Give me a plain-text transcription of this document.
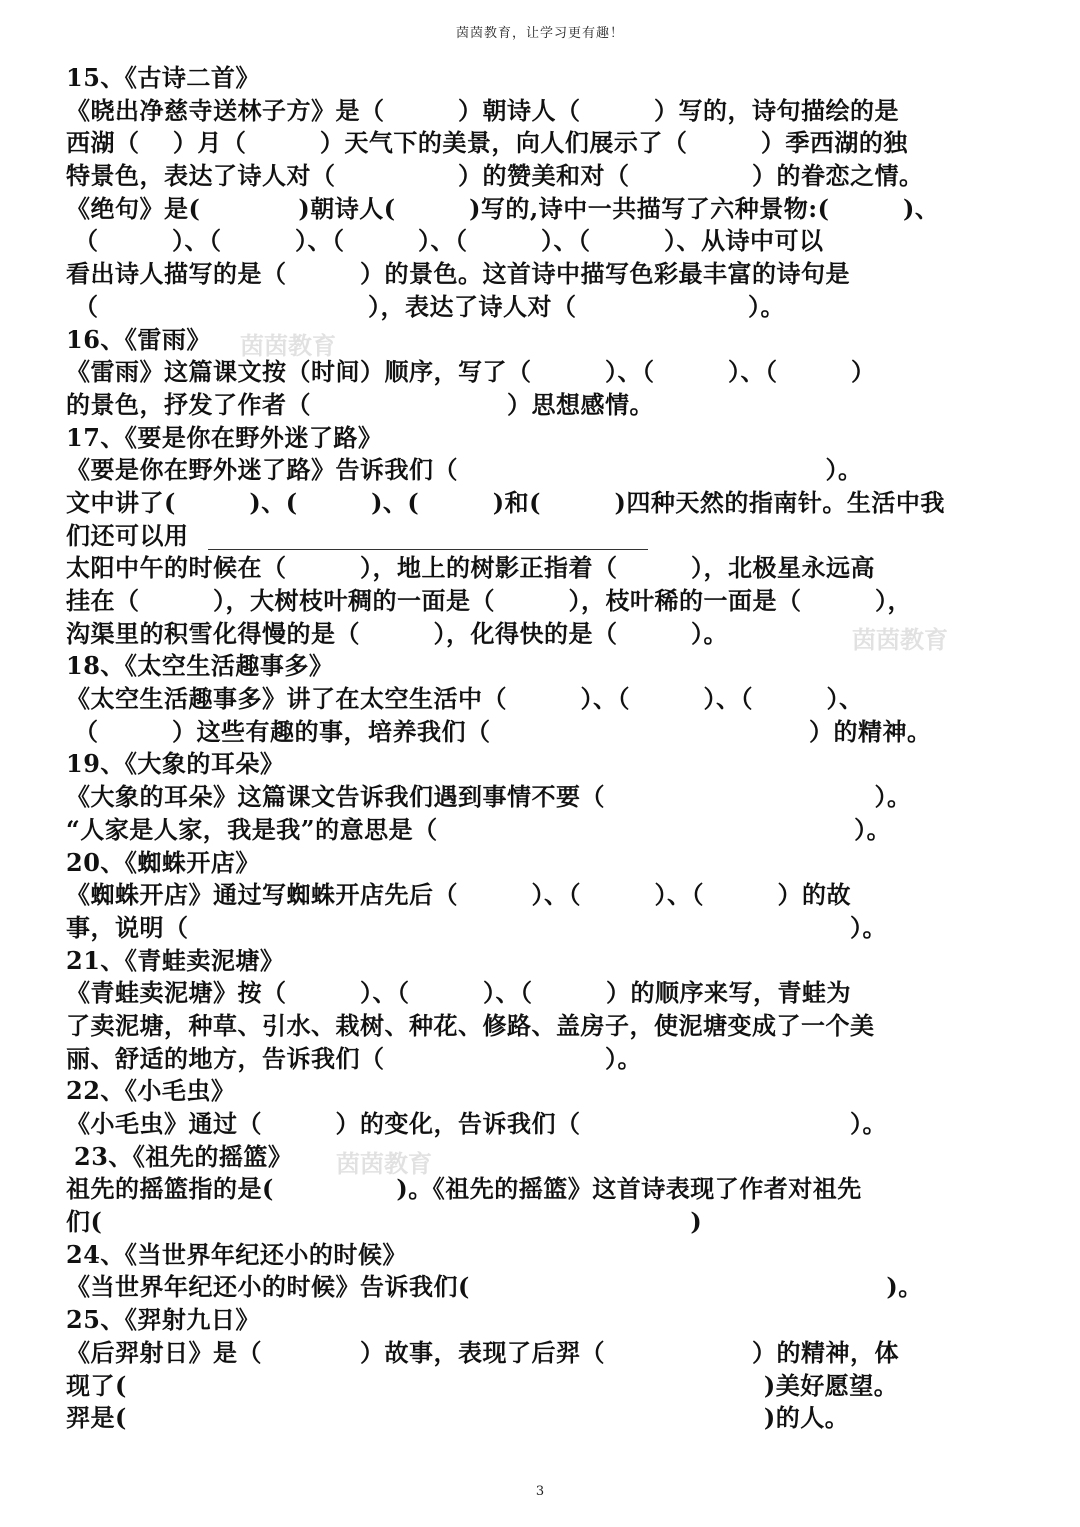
茵茵教育，让学习更有趣！
15、《古诗二首》
《晓出净慈寺送林子方》是（　　　）朝诗人（　　　）写的，诗句描绘的是
西湖（　 ）月（　　　）天气下的美景，向人们展示了（　　　）季西湖的独
特景色，表达了诗人对（　　　　　）的赞美和对（　　　　　）的眷恋之情。
《绝句》是(　　　　)朝诗人(　　　)写的,诗中一共描写了六种景物:(　　　)、
（　　　）、（　　　）、（　　　）、（　　　）、（　　　）、从诗中可以
看出诗人描写的是（　　　）的景色。这首诗中描写色彩最丰富的诗句是
（　　　　　　　　　　　），表达了诗人对（　　　　　　　）。
16、《雷雨》
《雷雨》这篇课文按（时间）顺序，写了（　　　）、（　　　）、（　　　）
的景色，抒发了作者（　　　　　　　　）思想感情。
17、《要是你在野外迷了路》
《要是你在野外迷了路》告诉我们（　　　　　　　　　　　　　　　）。
文中讲了(　　　)、(　　　)、(　　　)和(　　　)四种天然的指南针。生活中我
们还可以用
太阳中午的时候在（　　　），地上的树影正指着（　　　），北极星永远高
挂在（　　　），大树枝叶稠的一面是（　　　），枝叶稀的一面是（　　　），
沟渠里的积雪化得慢的是（　　　），化得快的是（　　　）。
18、《太空生活趣事多》
《太空生活趣事多》讲了在太空生活中（　　　）、（　　　）、（　　　）、
（　　　）这些有趣的事，培养我们（　　　　　　　　　　　　　）的精神。
19、《大象的耳朵》
《大象的耳朵》这篇课文告诉我们遇到事情不要（　　　　　　　　　　　）。
“人家是人家，我是我”的意思是（　　　　　　　　　　　　　　　　　）。
20、《蜘蛛开店》
《蜘蛛开店》通过写蜘蛛开店先后（　　　）、（　　　）、（　　　）的故
事，说明（　　　　　　　　　　　　　　　　　　　　　　　　　　　）。
21、《青蛙卖泥塘》
《青蛙卖泥塘》按（　　　）、（　　　）、（　　　）的顺序来写，青蛙为
了卖泥塘，种草、引水、栽树、种花、修路、盖房子，使泥塘变成了一个美
丽、舒适的地方，告诉我们（　　　　　　　　　）。
22、《小毛虫》
《小毛虫》通过（　　　）的变化，告诉我们（　　　　　　　　　　　）。
23、《祖先的摇篮》
祖先的摇篮指的是(　　　　　)。《祖先的摇篮》这首诗表现了作者对祖先
们(　　　　　　　　　　　　　　　　　　　　　　　　)
24、《当世界年纪还小的时候》
《当世界年纪还小的时候》告诉我们(　　　　　　　　　　　　　　　　　)。
25、《羿射九日》
《后羿射日》是（　　　　）故事，表现了后羿（　　　　　　）的精神，体
现了(　　　　　　　　　　　　　　　　　　　　　　　　　　)美好愿望。
羿是(　　　　　　　　　　　　　　　　　　　　　　　　　　)的人。
茵茵教育
茵茵教育
茵茵教育
3
